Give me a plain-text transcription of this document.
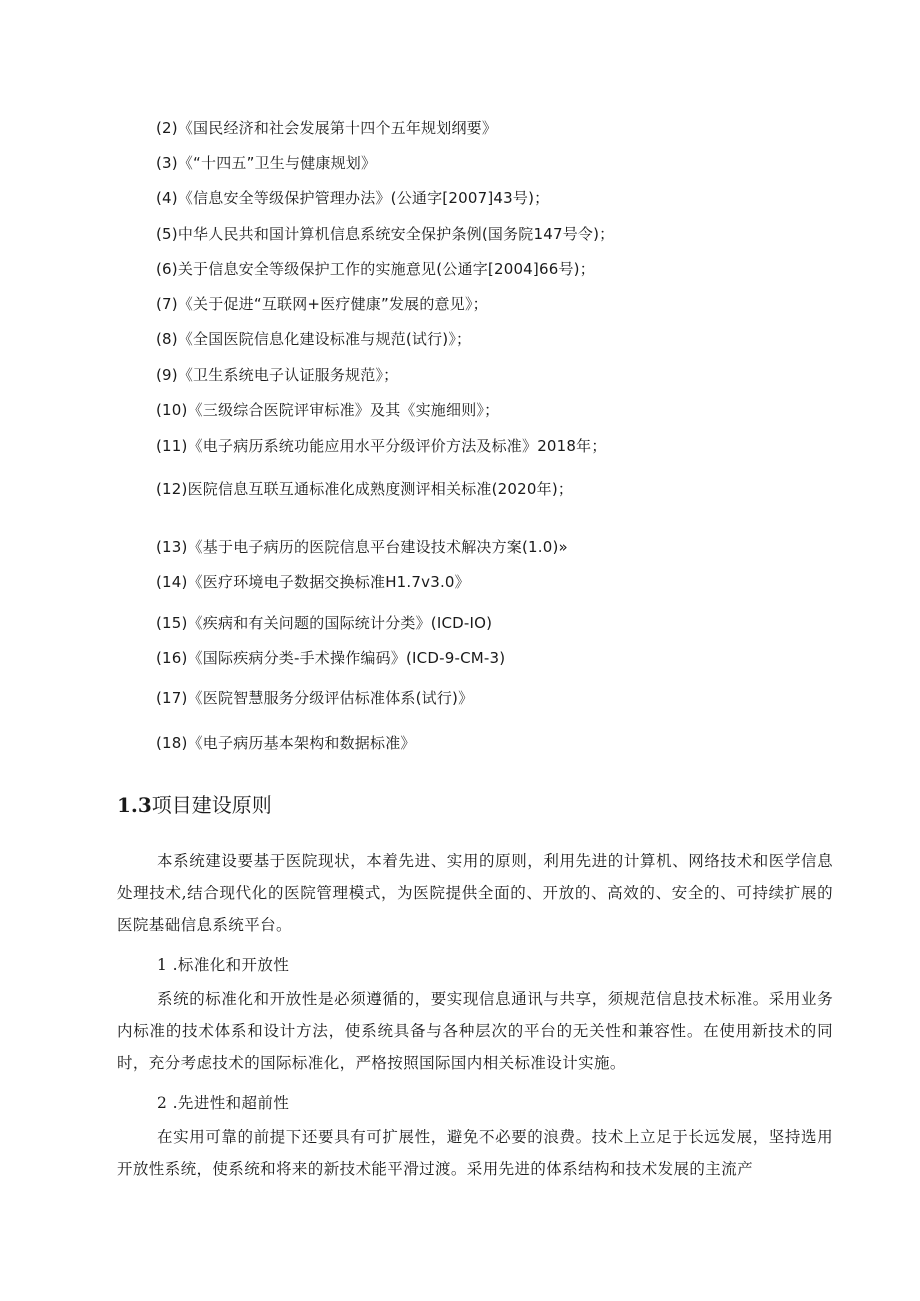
(2)《国民经济和社会发展第十四个五年规划纲要》
(3)《“十四五”卫生与健康规划》
(4)《信息安全等级保护管理办法》(公通字[2007]43号)；
(5)中华人民共和国计算机信息系统安全保护条例(国务院147号令)；
(6)关于信息安全等级保护工作的实施意见(公通字[2004]66号)；
(7)《关于促进“互联网+医疗健康”发展的意见》；
(8)《全国医院信息化建设标准与规范(试行)》；
(9)《卫生系统电子认证服务规范》；
(10)《三级综合医院评审标准》及其《实施细则》；
(11)《电子病历系统功能应用水平分级评价方法及标准》2018年；
(12)医院信息互联互通标准化成熟度测评相关标准(2020年)；
(13)《基于电子病历的医院信息平台建设技术解决方案(1.0)»
(14)《医疗环境电子数据交换标准H1.7v3.0》
(15)《疾病和有关问题的国际统计分类》(ICD-IO)
(16)《国际疾病分类-手术操作编码》(ICD-9-CM-3)
(17)《医院智慧服务分级评估标准体系(试行)》
(18)《电子病历基本架构和数据标准》
1.3项目建设原则
本系统建设要基于医院现状，本着先进、实用的原则，利用先进的计算机、网络技术和医学信息处理技术,结合现代化的医院管理模式，为医院提供全面的、开放的、高效的、安全的、可持续扩展的医院基础信息系统平台。
1 .标准化和开放性
系统的标准化和开放性是必须遵循的，要实现信息通讯与共享，须规范信息技术标准。采用业务内标准的技术体系和设计方法，使系统具备与各种层次的平台的无关性和兼容性。在使用新技术的同时，充分考虑技术的国际标准化，严格按照国际国内相关标准设计实施。
2 .先进性和超前性
在实用可靠的前提下还要具有可扩展性，避免不必要的浪费。技术上立足于长远发展，坚持选用开放性系统，使系统和将来的新技术能平滑过渡。采用先进的体系结构和技术发展的主流产
